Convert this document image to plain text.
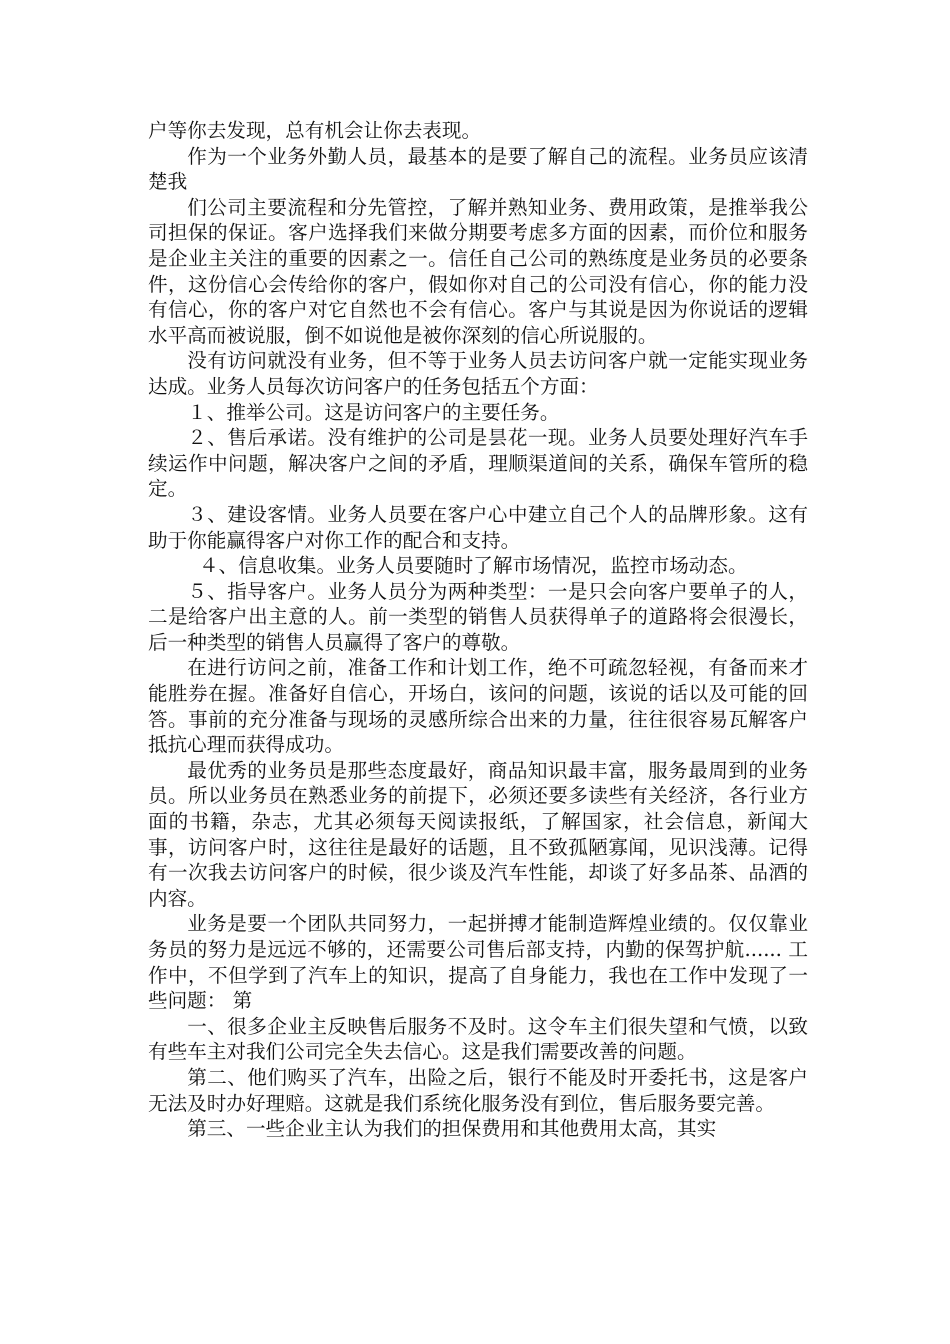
户等你去发现，总有机会让你去表现。

作为一个业务外勤人员，最基本的是要了解自己的流程。业务员应该清楚我

们公司主要流程和分先管控，了解并熟知业务、费用政策，是推举我公司担保的保证。客户选择我们来做分期要考虑多方面的因素，而价位和服务是企业主关注的重要的因素之一。信任自己公司的熟练度是业务员的必要条件，这份信心会传给你的客户，假如你对自己的公司没有信心，你的能力没有信心，你的客户对它自然也不会有信心。客户与其说是因为你说话的逻辑水平高而被说服，倒不如说他是被你深刻的信心所说服的。

没有访问就没有业务，但不等于业务人员去访问客户就一定能实现业务达成。业务人员每次访问客户的任务包括五个方面：

１、推举公司。这是访问客户的主要任务。

２、售后承诺。没有维护的公司是昙花一现。业务人员要处理好汽车手续运作中问题，解决客户之间的矛盾，理顺渠道间的关系，确保车管所的稳定。

３、建设客情。业务人员要在客户心中建立自己个人的品牌形象。这有助于你能赢得客户对你工作的配合和支持。

４、信息收集。业务人员要随时了解市场情况，监控市场动态。

５、指导客户。业务人员分为两种类型：一是只会向客户要单子的人，二是给客户出主意的人。前一类型的销售人员获得单子的道路将会很漫长，后一种类型的销售人员赢得了客户的尊敬。

在进行访问之前，准备工作和计划工作，绝不可疏忽轻视，有备而来才能胜券在握。准备好自信心，开场白，该问的问题，该说的话以及可能的回答。事前的充分准备与现场的灵感所综合出来的力量，往往很容易瓦解客户抵抗心理而获得成功。

最优秀的业务员是那些态度最好，商品知识最丰富，服务最周到的业务员。所以业务员在熟悉业务的前提下，必须还要多读些有关经济，各行业方面的书籍，杂志，尤其必须每天阅读报纸，了解国家，社会信息，新闻大事，访问客户时，这往往是最好的话题，且不致孤陋寡闻，见识浅薄。记得有一次我去访问客户的时候，很少谈及汽车性能，却谈了好多品茶、品酒的内容。

业务是要一个团队共同努力，一起拼搏才能制造辉煌业绩的。仅仅靠业务员的努力是远远不够的，还需要公司售后部支持，内勤的保驾护航...... 工作中，不但学到了汽车上的知识，提高了自身能力，我也在工作中发现了一些问题： 第

一、很多企业主反映售后服务不及时。这令车主们很失望和气愤，以致有些车主对我们公司完全失去信心。这是我们需要改善的问题。

第二、他们购买了汽车，出险之后，银行不能及时开委托书，这是客户无法及时办好理赔。这就是我们系统化服务没有到位，售后服务要完善。

第三、一些企业主认为我们的担保费用和其他费用太高，其实
